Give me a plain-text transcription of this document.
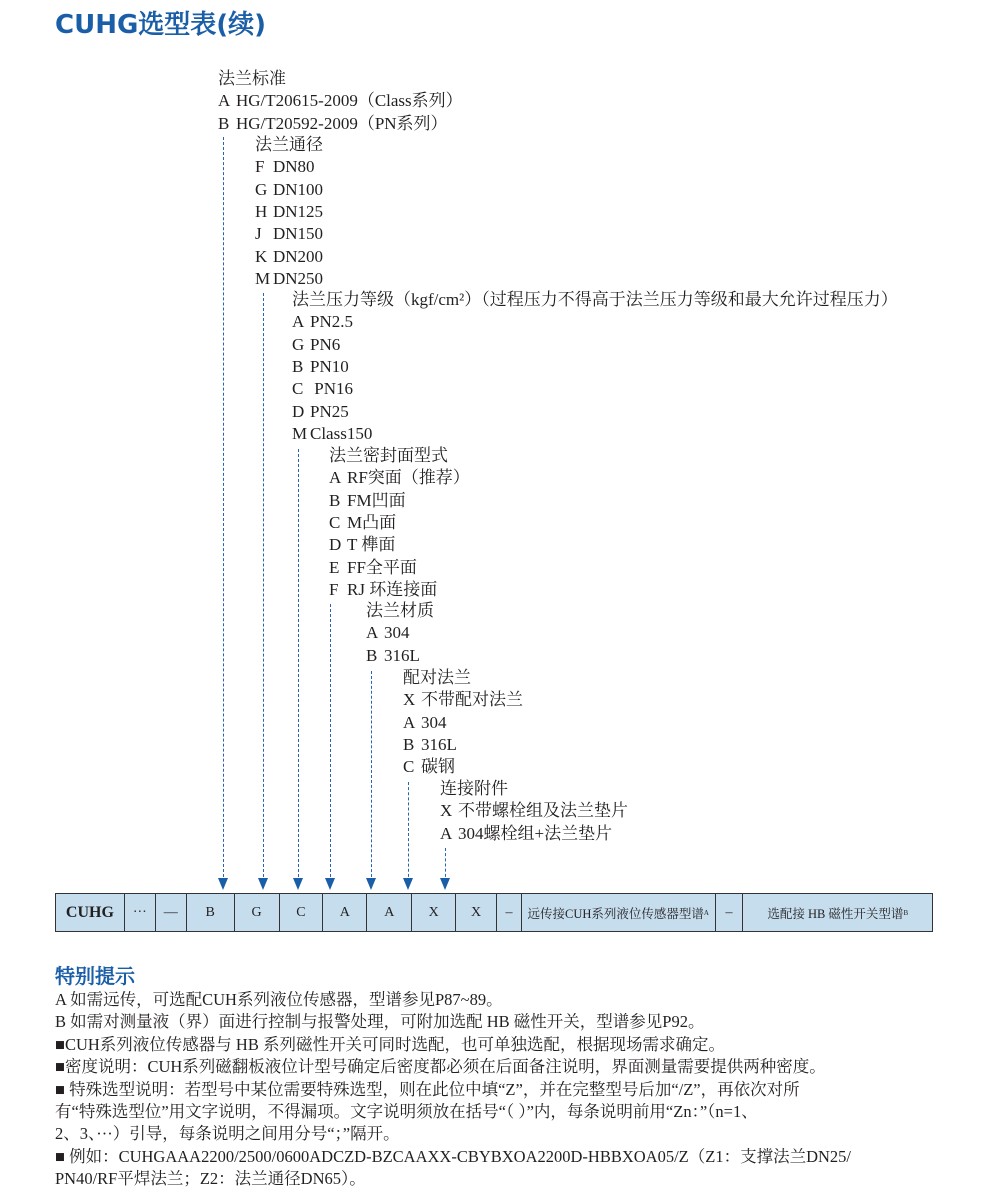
CUHG选型表(续)
法兰标准
A HG/T20615-2009（Class系列）
B HG/T20592-2009（PN系列）
法兰通径
F DN80
G DN100
H DN125
J DN150
K DN200
M DN250
法兰压力等级（kgf/cm²）（过程压力不得高于法兰压力等级和最大允许过程压力）
A PN2.5
G PN6
B PN10
C PN16
D PN25
M Class150
法兰密封面型式
A RF突面（推荐）
B FM凹面
C M凸面
D T 榫面
E FF全平面
F RJ 环连接面
法兰材质
A 304
B 316L
配对法兰
X 不带配对法兰
A 304
B 316L
C 碳钢
连接附件
X 不带螺栓组及法兰垫片
A 304螺栓组+法兰垫片
CUHG ··· — B	G C A A X X – 远传接CUH系列液位传感器型谱 A –	选配接 HB 磁性开关型谱 B
特别提示
A 如需远传，可选配CUH系列液位传感器，型谱参见P87~89。
B 如需对测量液（界）面进行控制与报警处理，可附加选配 HB 磁性开关，型谱参见P92。
■CUH系列液位传感器与 HB 系列磁性开关可同时选配，也可单独选配，根据现场需求确定。
■密度说明：CUH系列磁翻板液位计型号确定后密度都必须在后面备注说明，界面测量需要提供两种密度。
■ 特殊选型说明：若型号中某位需要特殊选型，则在此位中填“Z”，并在完整型号后加“/Z”，再依次对所
有“特殊选型位”用文字说明，不得漏项。文字说明须放在括号“（ ）”内，每条说明前用“Zn：”（n=1、
2、3、···）引导，每条说明之间用分号“；”隔开。
■ 例如：CUHGAAA2200/2500/0600ADCZD-BZCAAXX-CBYBXOA2200D-HBBXOA05/Z（Z1：支撑法兰DN25/
PN40/RF平焊法兰；Z2：法兰通径DN65）。
